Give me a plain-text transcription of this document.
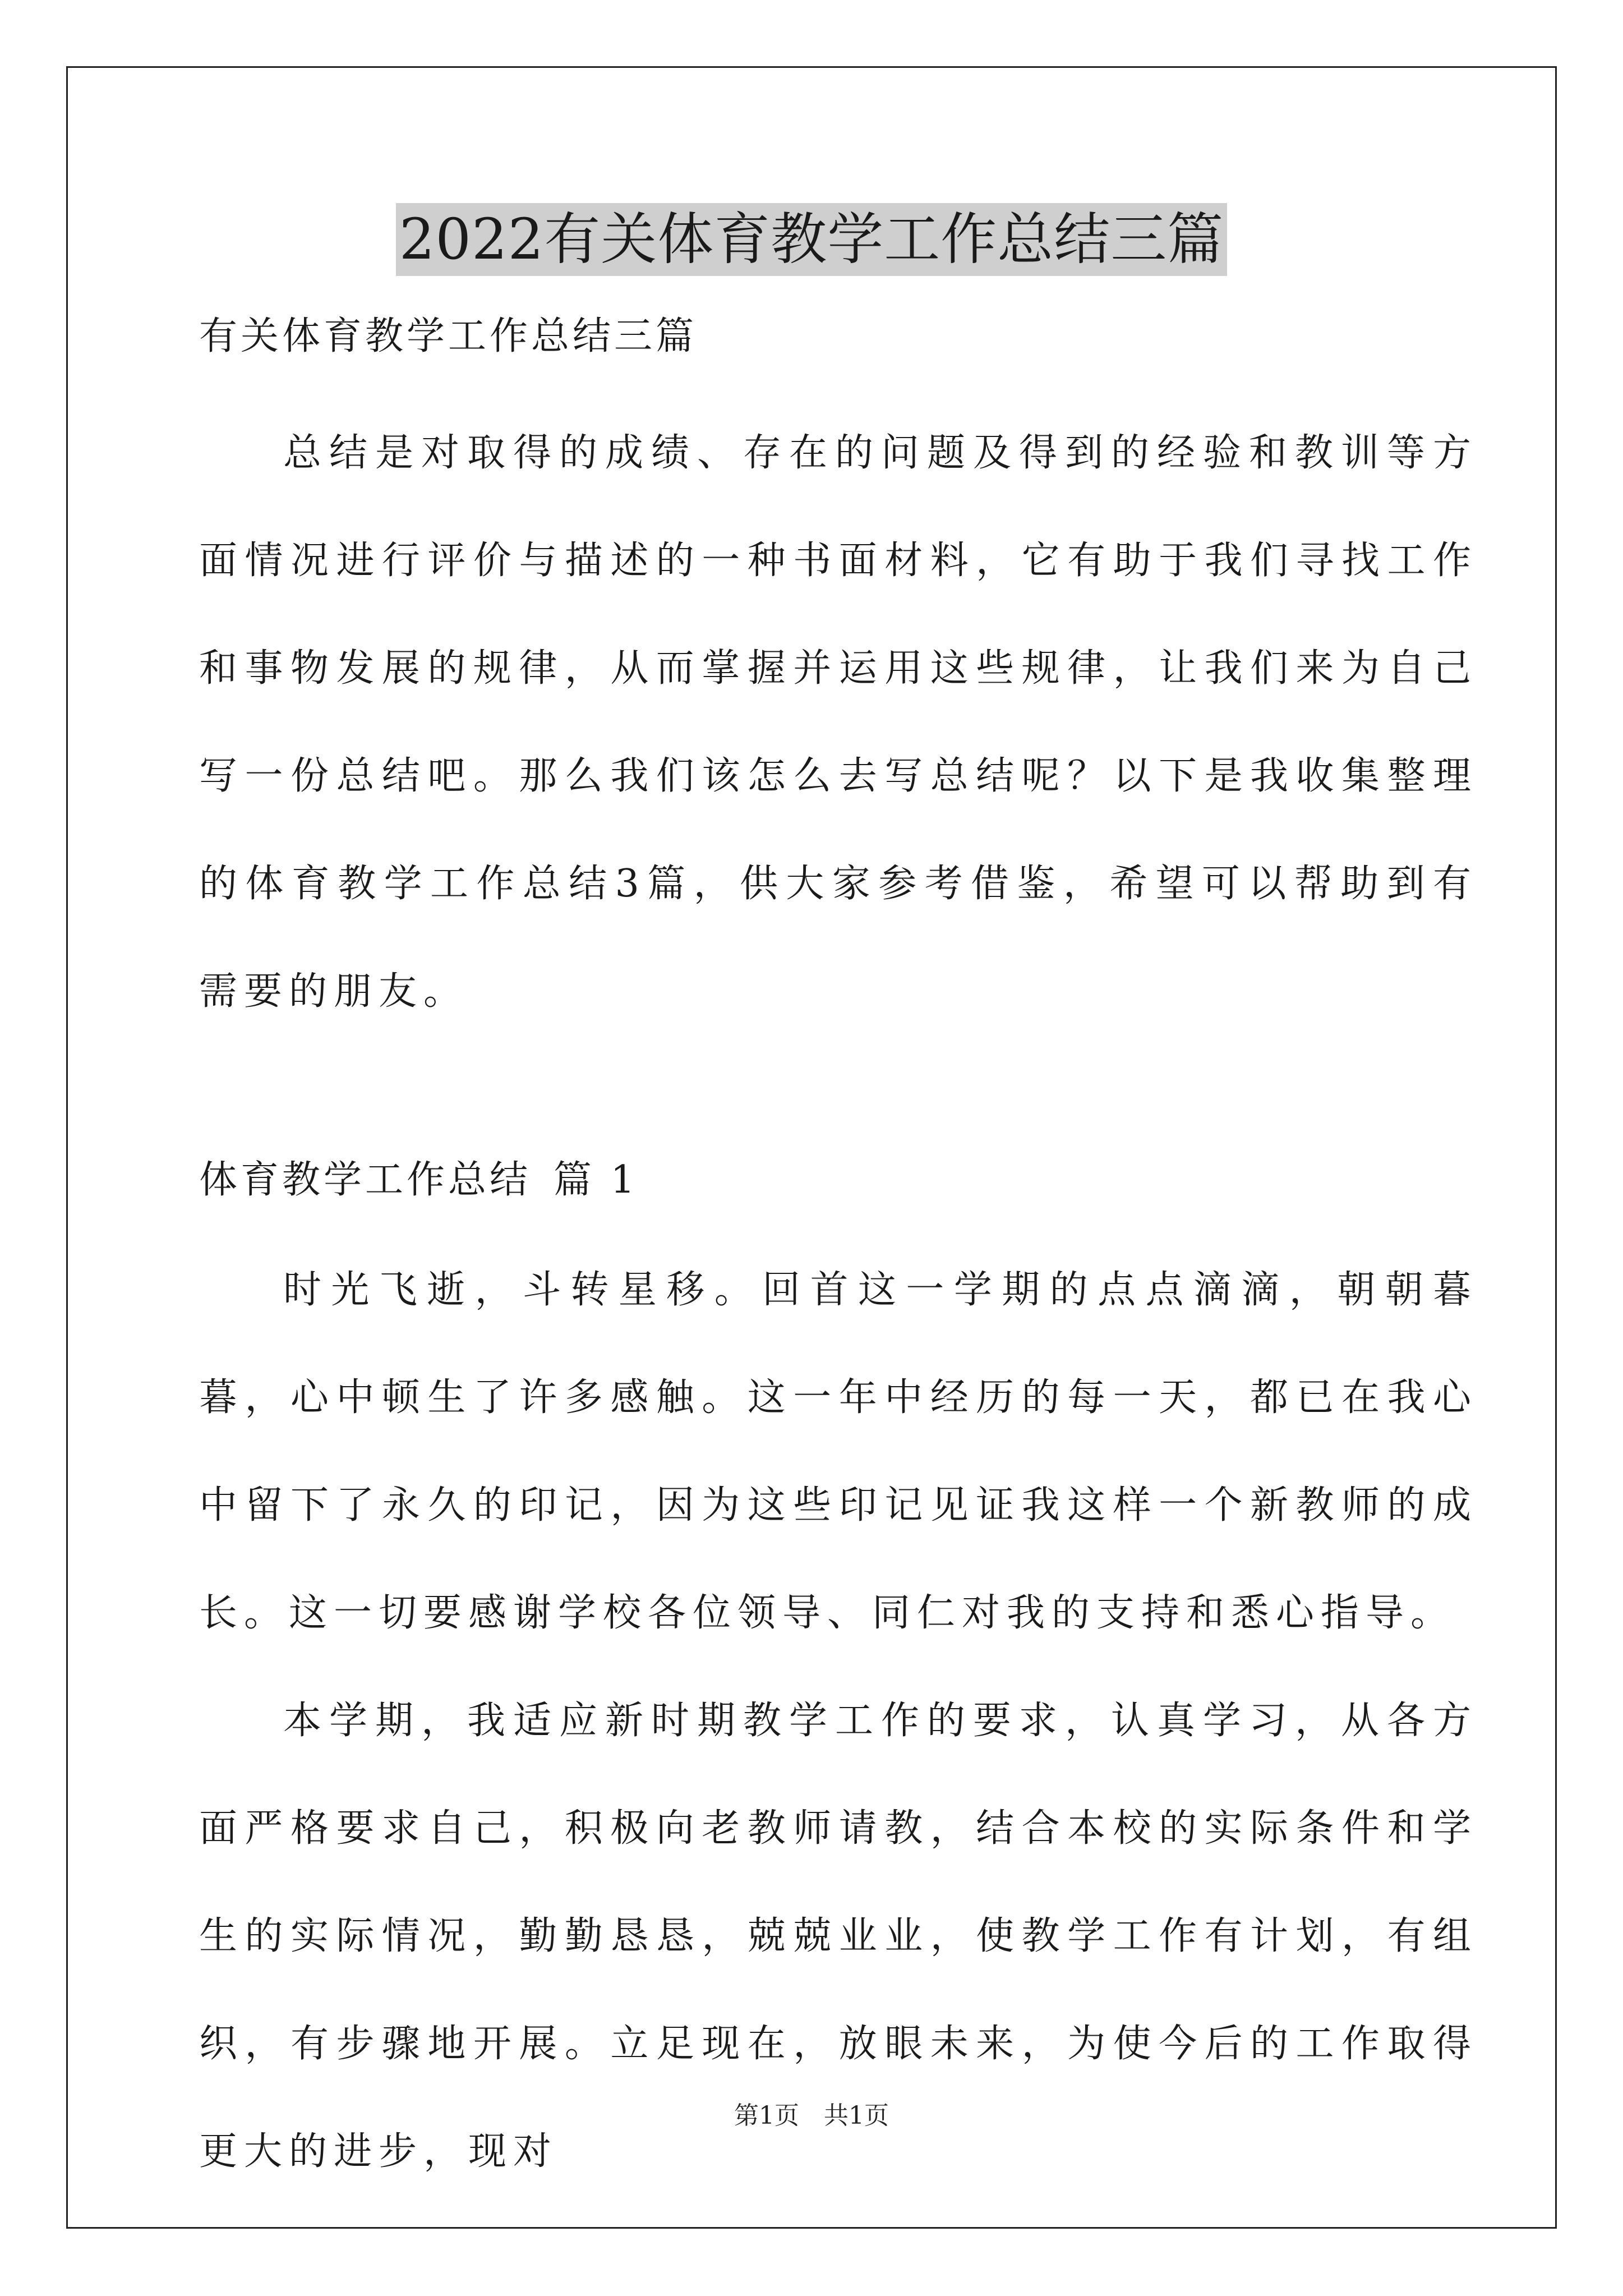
2022有关体育教学工作总结三篇

有关体育教学工作总结三篇

总结是对取得的成绩、存在的问题及得到的经验和教训等方面情况进行评价与描述的一种书面材料，它有助于我们寻找工作和事物发展的规律，从而掌握并运用这些规律，让我们来为自己写一份总结吧。那么我们该怎么去写总结呢？以下是我收集整理的体育教学工作总结3篇，供大家参考借鉴，希望可以帮助到有需要的朋友。

体育教学工作总结 篇 1

时光飞逝，斗转星移。回首这一学期的点点滴滴，朝朝暮暮，心中顿生了许多感触。这一年中经历的每一天，都已在我心中留下了永久的印记，因为这些印记见证我这样一个新教师的成长。这一切要感谢学校各位领导、同仁对我的支持和悉心指导。

本学期，我适应新时期教学工作的要求，认真学习，从各方面严格要求自己，积极向老教师请教，结合本校的实际条件和学生的实际情况，勤勤恳恳，兢兢业业，使教学工作有计划，有组织，有步骤地开展。立足现在，放眼未来，为使今后的工作取得更大的进步，现对

第1页 共1页
